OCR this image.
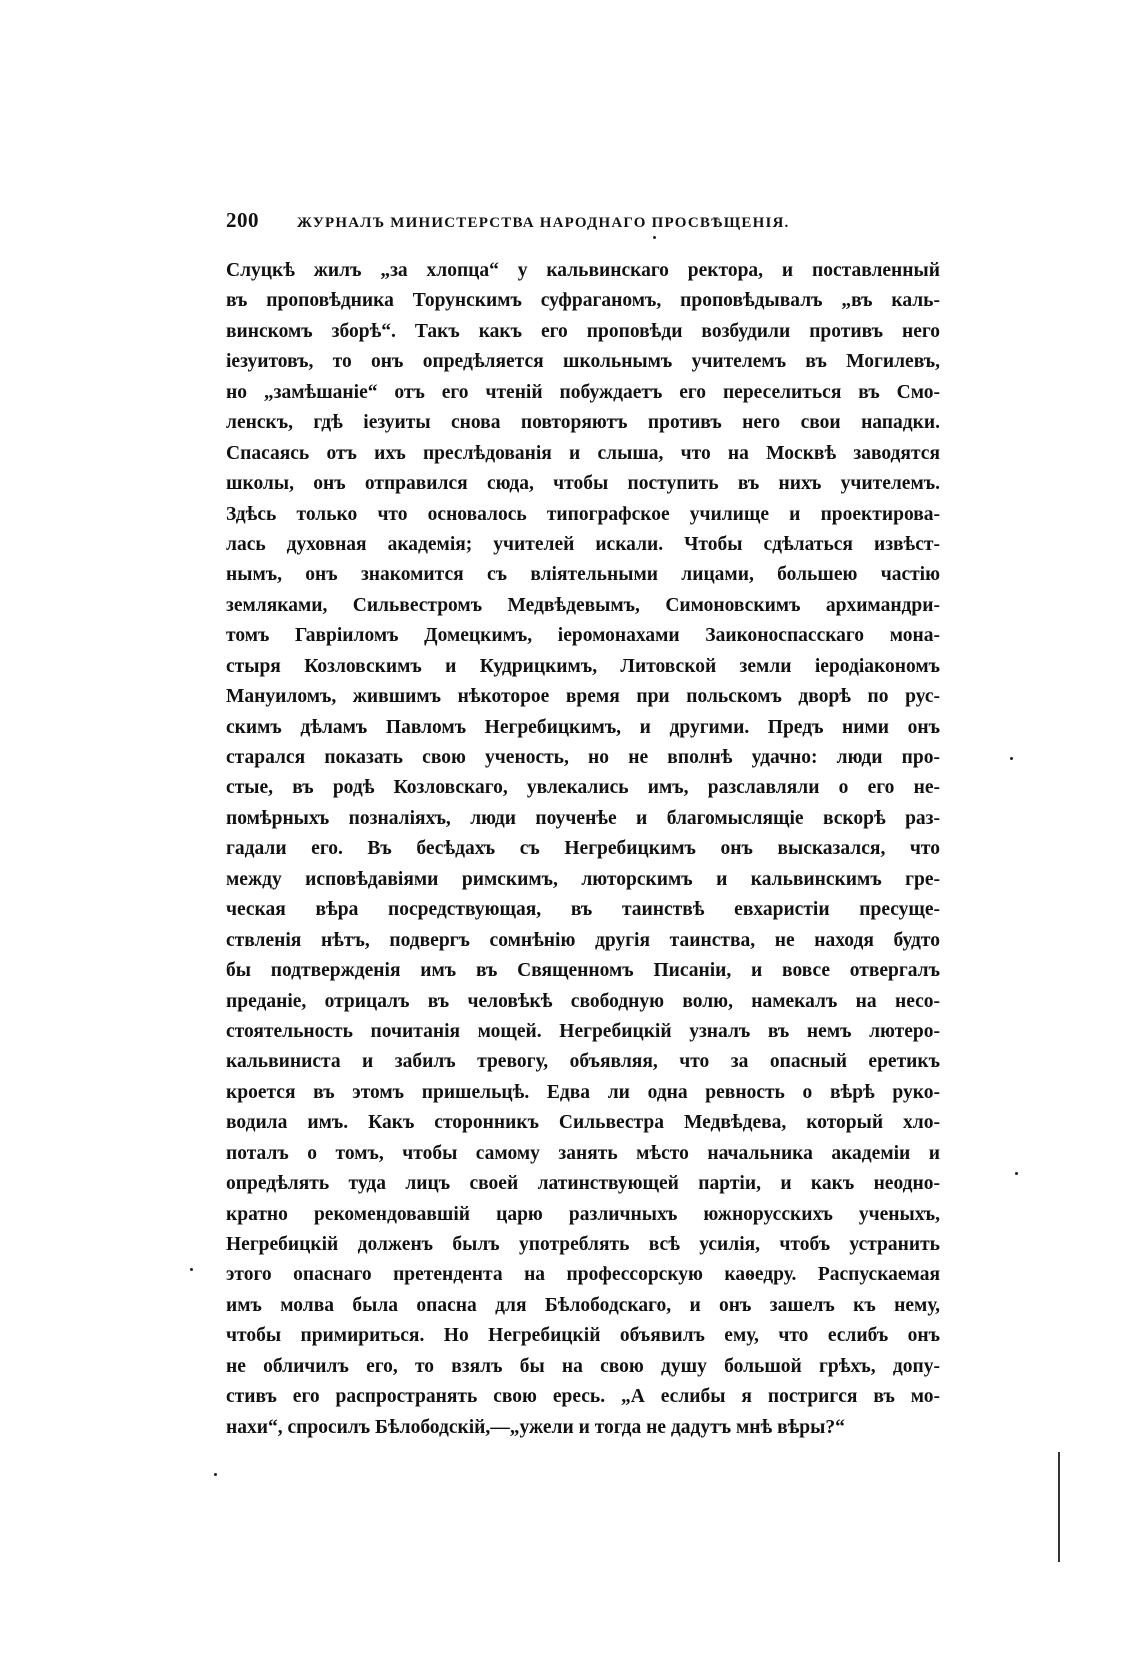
200	ЖУРНАЛЪ МИНИСТЕРСТВА НАРОДНАГО ПРОСВѢЩЕНІЯ.
Слуцкѣ жилъ „за хлопца“ у кальвинскаго ректора, и поставленный
въ проповѣдника Торунскимъ суфраганомъ, проповѣдывалъ „въ каль-
винскомъ зборѣ“. Такъ какъ его проповѣди возбудили противъ него
іезуитовъ, то онъ опредѣляется школьнымъ учителемъ въ Могилевъ,
но „замѣшаніе“ отъ его чтеній побуждаетъ его переселиться въ Смо-
ленскъ, гдѣ іезуиты снова повторяютъ противъ него свои нападки.
Спасаясь отъ ихъ преслѣдованія и слыша, что на Москвѣ заводятся
школы, онъ отправился сюда, чтобы поступить въ нихъ учителемъ.
Здѣсь только что основалось типографское училище и проектирова-
лась духовная академія; учителей искали. Чтобы сдѣлаться извѣст-
нымъ, онъ знакомится съ вліятельными лицами, большею частію
земляками, Сильвестромъ Медвѣдевымъ, Симоновскимъ архимандри-
томъ Гавріиломъ Домецкимъ, іеромонахами Заиконоспасскаго мона-
стыря Козловскимъ и Кудрицкимъ, Литовской земли іеродіакономъ
Мануиломъ, жившимъ нѣкоторое время при польскомъ дворѣ по рус-
скимъ дѣламъ Павломъ Негребицкимъ, и другими. Предъ ними онъ
старался показать свою ученость, но не вполнѣ удачно: люди про-
стые, въ родѣ Козловскаго, увлекались имъ, разславляли о его не-
помѣрныхъ позналіяхъ, люди поученѣе и благомыслящіе вскорѣ раз-
гадали его. Въ бесѣдахъ съ Негребицкимъ онъ высказался, что
между исповѣдавіями римскимъ, люторскимъ и кальвинскимъ гре-
ческая вѣра посредствующая, въ таинствѣ евхаристіи пресуще-
ствленія нѣтъ, подвергъ сомнѣнію другія таинства, не находя будто
бы подтвержденія имъ въ Священномъ Писаніи, и вовсе отвергалъ
преданіе, отрицалъ въ человѣкѣ свободную волю, намекалъ на несо-
стоятельность почитанія мощей. Негребицкій узналъ въ немъ лютеро-
кальвиниста и забилъ тревогу, объявляя, что за опасный еретикъ
кроется въ этомъ пришельцѣ. Едва ли одна ревность о вѣрѣ руко-
водила имъ. Какъ сторонникъ Сильвестра Медвѣдева, который хло-
поталъ о томъ, чтобы самому занять мѣсто начальника академіи и
опредѣлять туда лицъ своей латинствующей партіи, и какъ неодно-
кратно рекомендовавшій царю различныхъ южнорусскихъ ученыхъ,
Негребицкій долженъ былъ употреблять всѣ усилія, чтобъ устранить
этого опаснаго претендента на профессорскую каѳедру. Распускаемая
имъ молва была опасна для Бѣлободскаго, и онъ зашелъ къ нему,
чтобы примириться. Но Негребицкій объявилъ ему, что еслибъ онъ
не обличилъ его, то взялъ бы на свою душу большой грѣхъ, допу-
стивъ его распространять свою ересь. „А еслибы я постригся въ мо-
нахи“, спросилъ Бѣлободскій,—„ужели и тогда не дадутъ мнѣ вѣры?“
